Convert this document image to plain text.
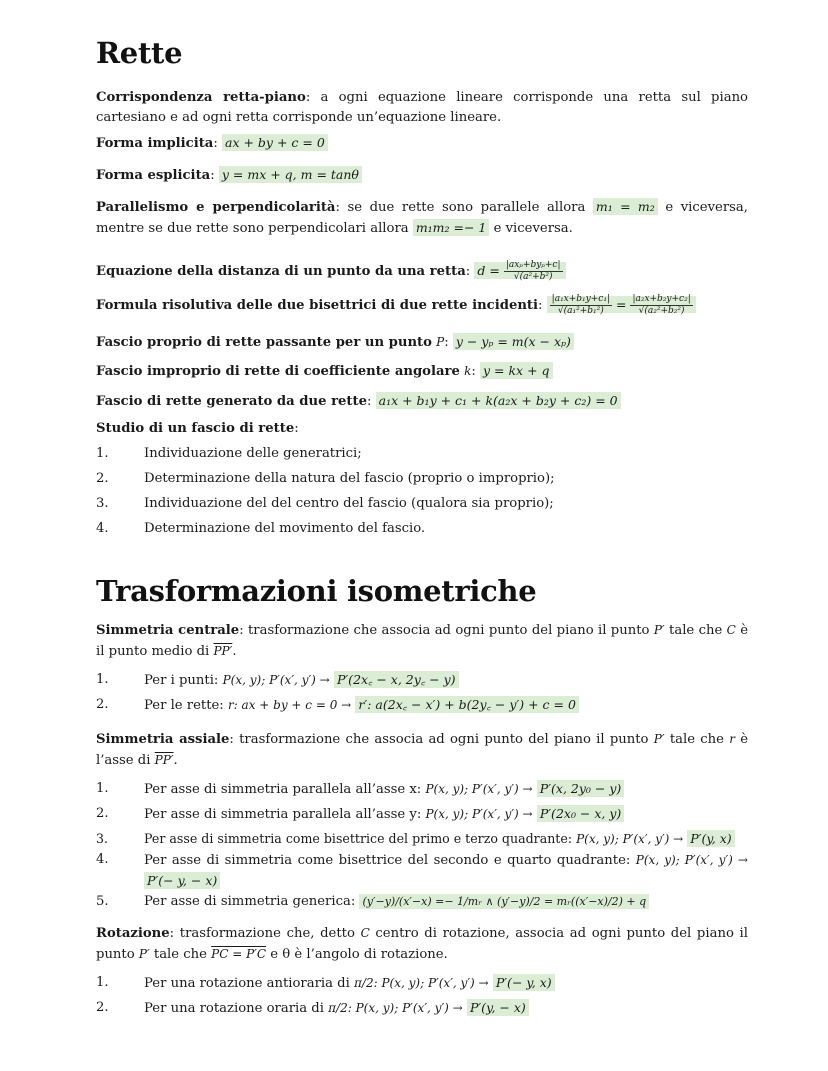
Rette
Corrispondenza retta-piano: a ogni equazione lineare corrisponde una retta sul piano cartesiano e ad ogni retta corrisponde un’equazione lineare.
Forma implicita: ax + by + c = 0
Forma esplicita: y = mx + q, m = tanθ
Parallelismo e perpendicolarità: se due rette sono parallele allora m₁ = m₂ e viceversa, mentre se due rette sono perpendicolari allora m₁m₂ =− 1 e viceversa.
Equazione della distanza di un punto da una retta: $d = \frac{\text{|axₚ+byₚ+c|}}{\text{√(a²+b²)}}$
Formula risolutiva delle due bisettrici di due rette incidenti: $\frac{\text{|a₁x+b₁y+c₁|}}{\text{√(a₁²+b₁²)}} = \frac{\text{|a₂x+b₂y+c₂|}}{\text{√(a₂²+b₂²)}}$
Fascio proprio di rette passante per un punto P: y − yₚ = m(x − xₚ)
Fascio improprio di rette di coefficiente angolare k: y = kx + q
Fascio di rette generato da due rette: a₁x + b₁y + c₁ + k(a₂x + b₂y + c₂) = 0
Studio di un fascio di rette:
1.	Individuazione delle generatrici;
2.	Determinazione della natura del fascio (proprio o improprio);
3.	Individuazione del del centro del fascio (qualora sia proprio);
4.	Determinazione del movimento del fascio.
Trasformazioni isometriche
Simmetria centrale: trasformazione che associa ad ogni punto del piano il punto P′ tale che C è il punto medio di PP′.
1.	Per i punti: P(x, y); P′(x′, y′) → P′(2x꜀ − x, 2y꜀ − y)
2.	Per le rette: r: ax + by + c = 0 → r′: a(2x꜀ − x′) + b(2y꜀ − y′) + c = 0
Simmetria assiale: trasformazione che associa ad ogni punto del piano il punto P′ tale che r è l’asse di PP′.
1.	Per asse di simmetria parallela all’asse x: P(x, y); P′(x′, y′) → P′(x, 2y₀ − y)
2.	Per asse di simmetria parallela all’asse y: P(x, y); P′(x′, y′) → P′(2x₀ − x, y)
3.	Per asse di simmetria come bisettrice del primo e terzo quadrante: P(x, y); P′(x′, y′) → P′(y, x)
4.	Per asse di simmetria come bisettrice del secondo e quarto quadrante: P(x, y); P′(x′, y′) → P′(− y, − x)
5.	Per asse di simmetria generica: (y′−y)/(x′−x) =− 1/mᵣ ∧ (y′−y)/2 = mᵣ((x′−x)/2) + q
Rotazione: trasformazione che, detto C centro di rotazione, associa ad ogni punto del piano il punto P′ tale che PC = P′C e θ è l’angolo di rotazione.
1.	Per una rotazione antioraria di π/2: P(x, y); P′(x′, y′) → P′(− y, x)
2.	Per una rotazione oraria di π/2: P(x, y); P′(x′, y′) → P′(y, − x)
